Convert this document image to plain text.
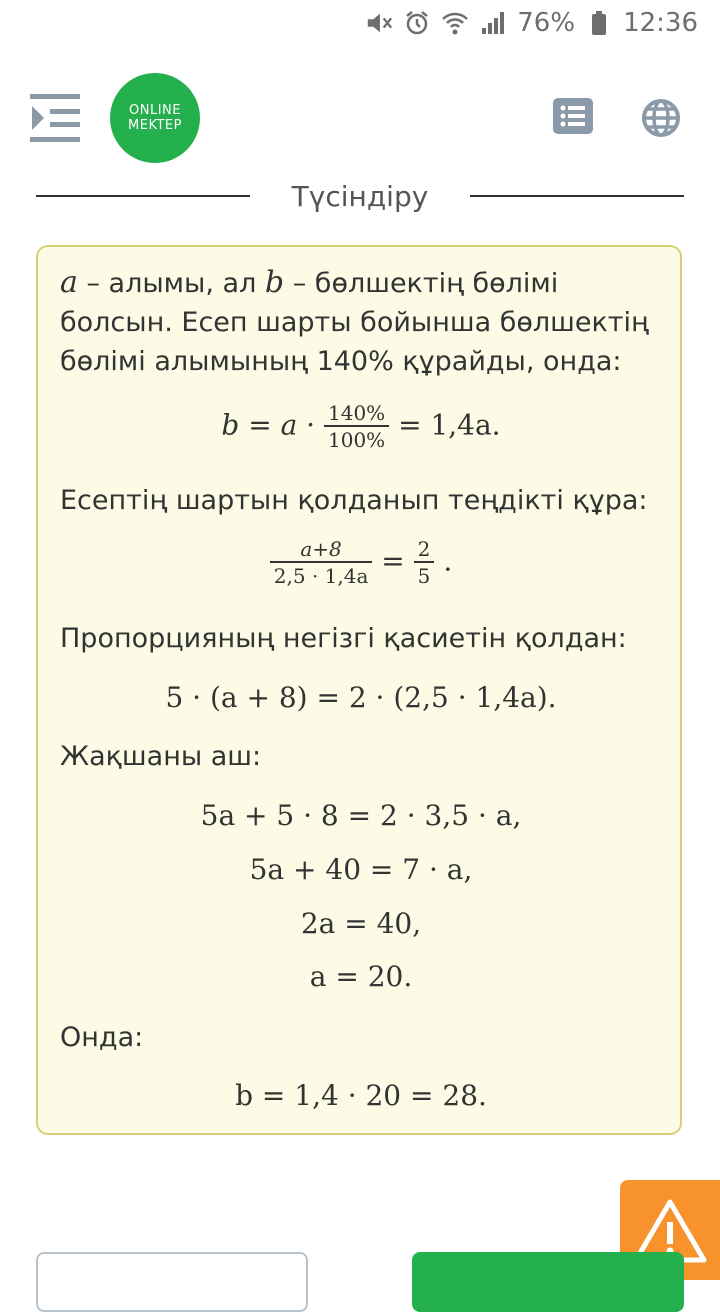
76% 12:36
ONLINE
MEKTEP
Түсіндіру
a – алымы, ал b – бөлшектің бөлімі болсын. Есеп шарты бойынша бөлшектің бөлімі алымының 140% құрайды, онда:
$b = a \cdot \frac{140\%}{100\%} = 1,4a$.
Есептің шартын қолданып теңдікті құра:
$\frac{a+8}{2,5 \cdot 1,4a} = \frac{2}{5}$ .
Пропорцияның негізгі қасиетін қолдан:
5 · (a + 8) = 2 · (2,5 · 1,4a).
Жақшаны аш:
5a + 5 · 8 = 2 · 3,5 · a,
5a + 40 = 7 · a,
2a = 40,
a = 20.
Онда:
b = 1,4 · 20 = 28.
